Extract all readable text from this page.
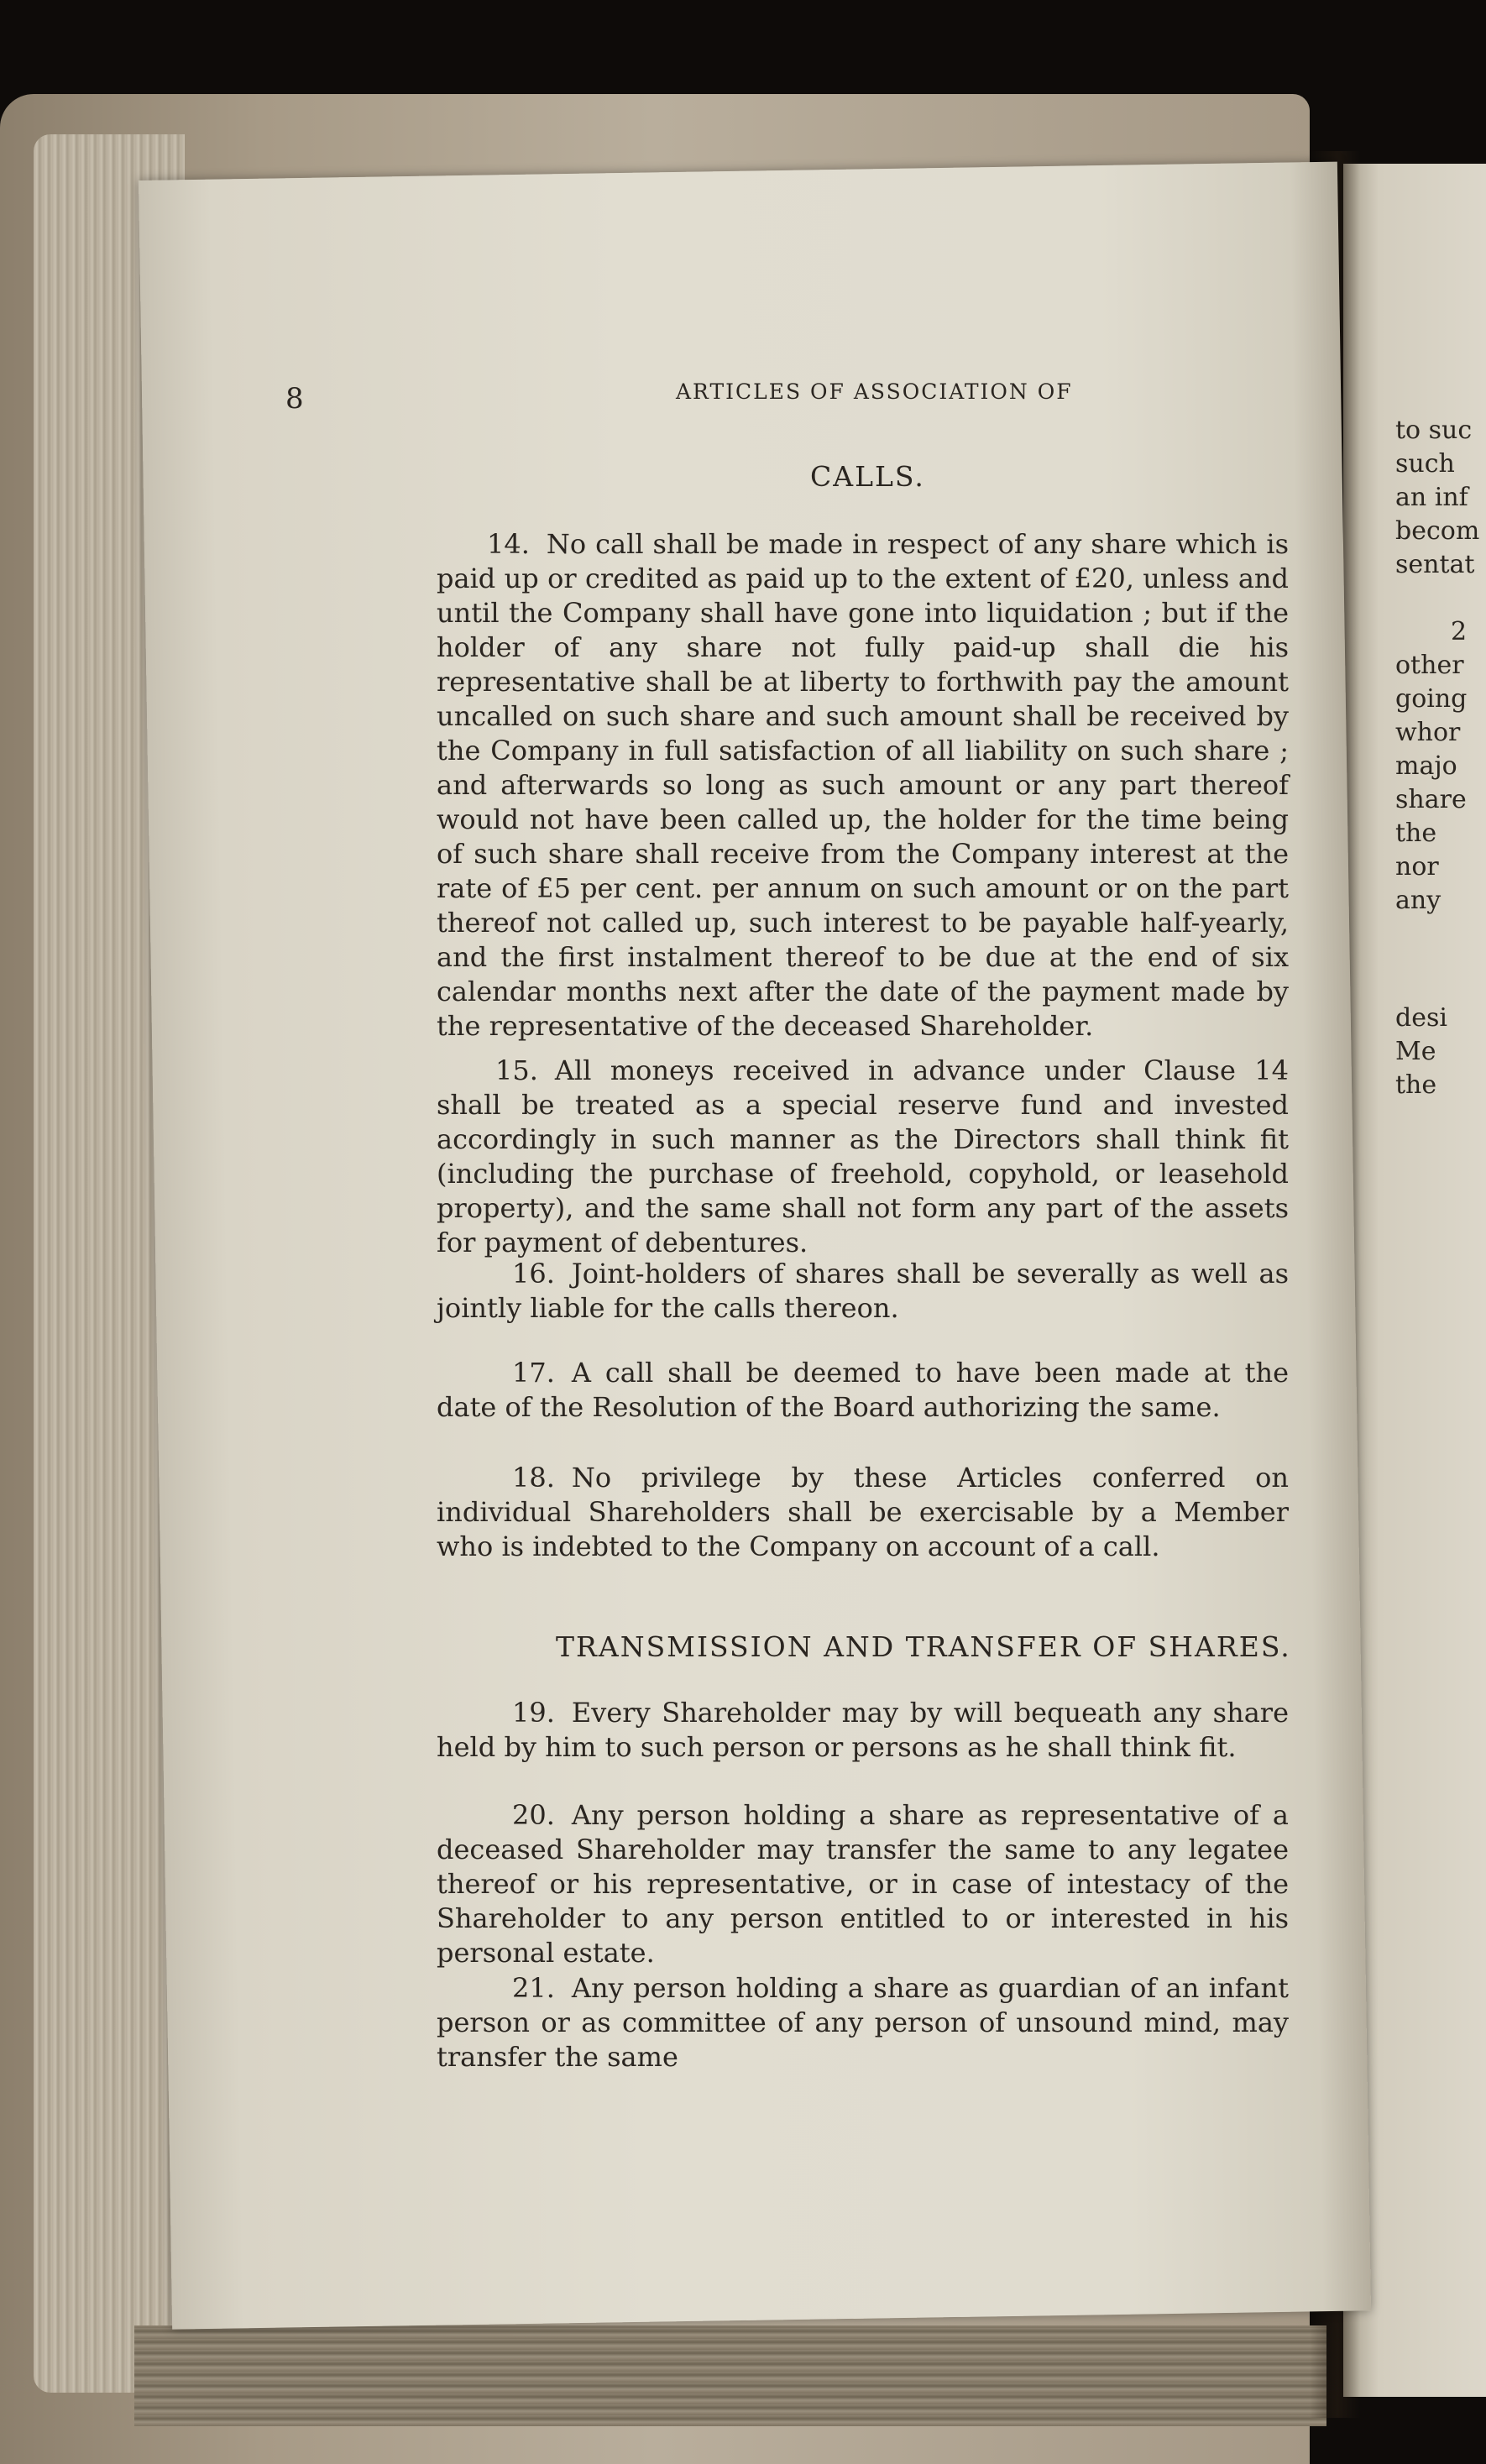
to suc
such
an inf
becom
sentat
2
other
going
whor
majo
share
the
nor
any
desi
Me
the
8	ARTICLES OF ASSOCIATION OF
CALLS.
14. No call shall be made in respect of any share which is paid up or credited as paid up to the extent of £20, unless and until the Company shall have gone into liquidation ; but if the holder of any share not fully paid-up shall die his representative shall be at liberty to forthwith pay the amount uncalled on such share and such amount shall be received by the Company in full satisfaction of all liability on such share ; and afterwards so long as such amount or any part thereof would not have been called up, the holder for the time being of such share shall receive from the Company interest at the rate of £5 per cent. per annum on such amount or on the part thereof not called up, such interest to be payable half-yearly, and the first instalment thereof to be due at the end of six calendar months next after the date of the payment made by the representative of the deceased Shareholder.
15. All moneys received in advance under Clause 14 shall be treated as a special reserve fund and invested accordingly in such manner as the Directors shall think fit (including the purchase of freehold, copyhold, or leasehold property), and the same shall not form any part of the assets for payment of debentures.
16. Joint-holders of shares shall be severally as well as jointly liable for the calls thereon.
17. A call shall be deemed to have been made at the date of the Resolution of the Board authorizing the same.
18. No privilege by these Articles conferred on individual Shareholders shall be exercisable by a Member who is indebted to the Company on account of a call.
TRANSMISSION AND TRANSFER OF SHARES.
19. Every Shareholder may by will bequeath any share held by him to such person or persons as he shall think fit.
20. Any person holding a share as representative of a deceased Shareholder may transfer the same to any legatee thereof or his representative, or in case of intestacy of the Shareholder to any person entitled to or interested in his personal estate.
21. Any person holding a share as guardian of an infant person or as committee of any person of unsound mind, may transfer the same
